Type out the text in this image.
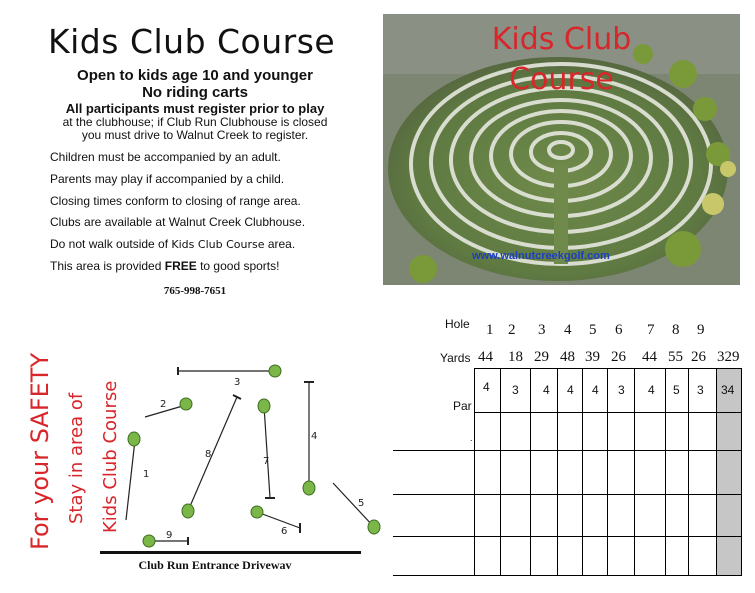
Kids Club Course
Open to kids age 10 and younger
No riding carts
All participants must register prior to play
at the clubhouse; if Club Run Clubhouse is closed
you must drive to Walnut Creek to register.
Children must be accompanied by an adult.
Parents may play if accompanied by a child.
Closing times conform to closing of range area.
Clubs are available at Walnut Creek Clubhouse.
Do not walk outside of Kids Club Course area.
This area is provided FREE to good sports!
765-998-7651
Kids Club
Course
www.walnutcreekgolf.com
For your SAFETY Stay in area of Kids Club Course 1
2
3
4
5
6
7
8
9
Club Run Entrance Drivewav
Hole
Yards
Par
.
1 2 3 4 5 6 7 8 9
44 18 29 48 39 26 44 55 26 329
4 3 4 4 4 3 4 5 3 34
